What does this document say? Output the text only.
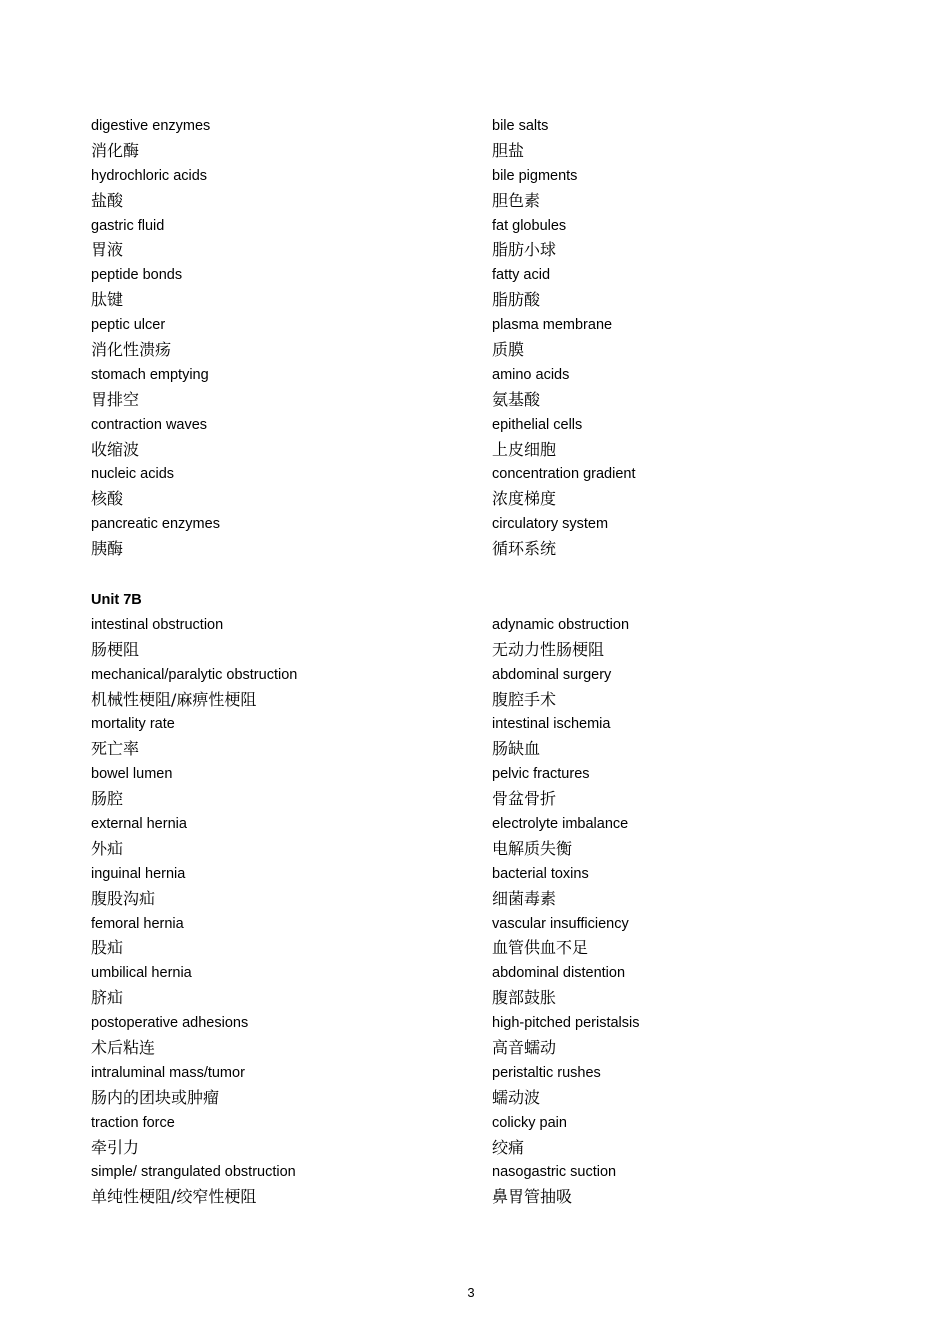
digestive enzymes
消化酶
hydrochloric acids
盐酸
gastric fluid
胃液
peptide bonds
肽键
peptic ulcer
消化性溃疡
stomach emptying
胃排空
contraction waves
收缩波
nucleic acids
核酸
pancreatic enzymes
胰酶
bile salts
胆盐
bile pigments
胆色素
fat globules
脂肪小球
fatty acid
脂肪酸
plasma membrane
质膜
amino acids
氨基酸
epithelial cells
上皮细胞
concentration gradient
浓度梯度
circulatory system
循环系统
Unit 7B
intestinal obstruction
肠梗阻
mechanical/paralytic obstruction
机械性梗阻/麻痹性梗阻
mortality rate
死亡率
bowel lumen
肠腔
external hernia
外疝
inguinal hernia
腹股沟疝
femoral hernia
股疝
umbilical hernia
脐疝
postoperative adhesions
术后粘连
intraluminal mass/tumor
肠内的团块或肿瘤
traction force
牵引力
simple/ strangulated obstruction
单纯性梗阻/绞窄性梗阻
adynamic obstruction
无动力性肠梗阻
abdominal surgery
腹腔手术
intestinal ischemia
肠缺血
pelvic fractures
骨盆骨折
electrolyte imbalance
电解质失衡
bacterial toxins
细菌毒素
vascular insufficiency
血管供血不足
abdominal distention
腹部鼓胀
high-pitched peristalsis
高音蠕动
peristaltic rushes
蠕动波
colicky pain
绞痛
nasogastric suction
鼻胃管抽吸
3
